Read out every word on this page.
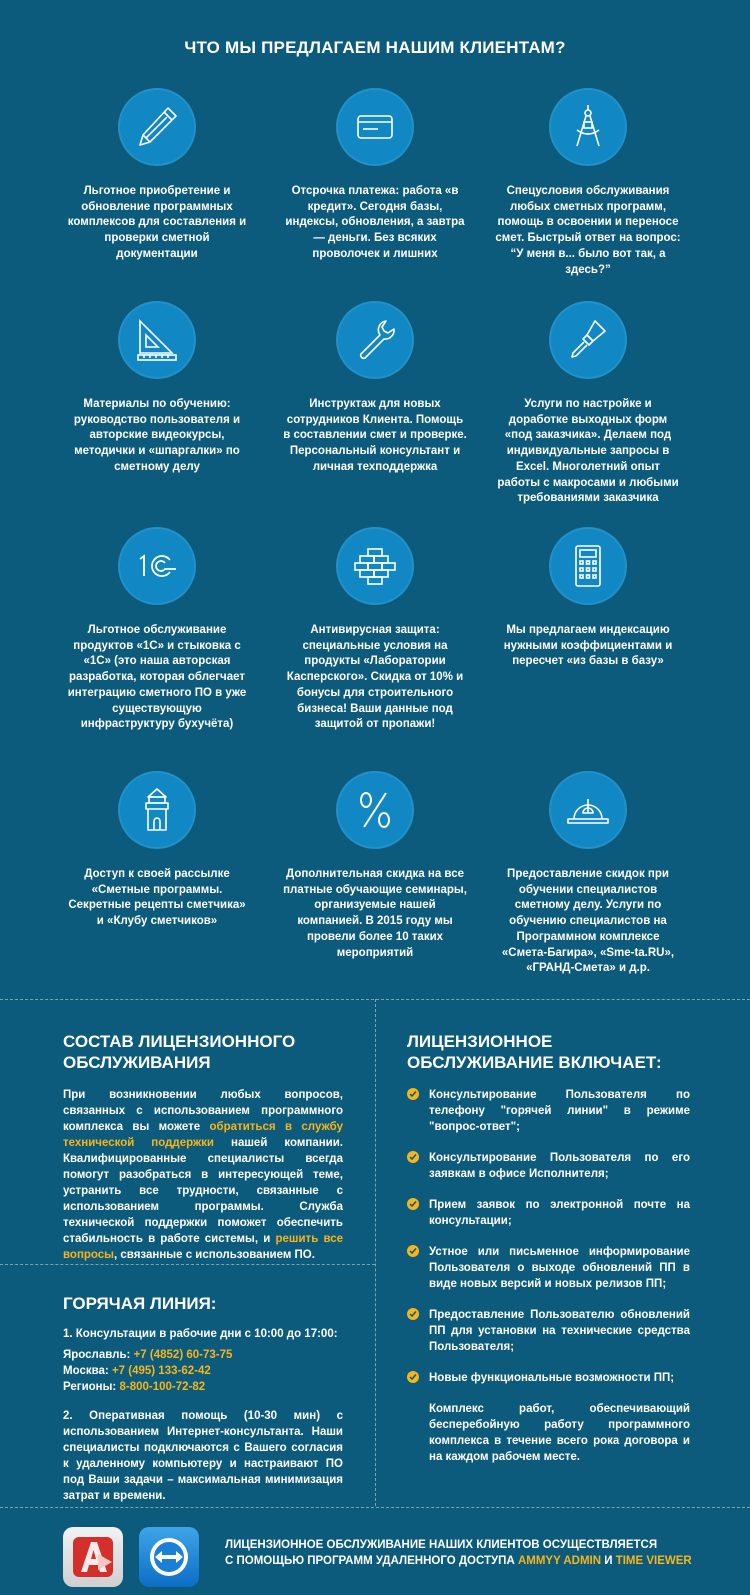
ЧТО МЫ ПРЕДЛАГАЕМ НАШИМ КЛИЕНТАМ?
Льготное приобретение и обновление программных комплексов для составления и проверки сметной документации
Отсрочка платежа: работа «в кредит». Сегодня базы, индексы, обновления, а завтра — деньги. Без всяких проволочек и лишних
Спецусловия обслуживания любых сметных программ, помощь в освоении и переносе смет. Быстрый ответ на вопрос: “У меня в... было вот так, а здесь?”
Материалы по обучению: руководство пользователя и авторские видеокурсы, методички и «шпаргалки» по сметному делу
Инструктаж для новых сотрудников Клиента. Помощь в составлении смет и проверке. Персональный консультант и личная техподдержка
Услуги по настройке и доработке выходных форм «под заказчика». Делаем под индивидуальные запросы в Excel. Многолетний опыт работы с макросами и любыми требованиями заказчика
Льготное обслуживание продуктов «1С» и стыковка с «1С» (это наша авторская разработка, которая облегчает интеграцию сметного ПО в уже существующую инфраструктуру бухучёта)
Антивирусная защита: специальные условия на продукты «Лаборатории Касперского». Скидка от 10% и бонусы для строительного бизнеса! Ваши данные под защитой от пропажи!
Мы предлагаем индексацию нужными коэффициентами и пересчет «из базы в базу»
Доступ к своей рассылке «Сметные программы. Секретные рецепты сметчика» и «Клубу сметчиков»
Дополнительная скидка на все платные обучающие семинары, организуемые нашей компанией. В 2015 году мы провели более 10 таких мероприятий
Предоставление скидок при обучении специалистов сметному делу. Услуги по обучению специалистов на Программном комплексе «Смета-Багира», «Sme-ta.RU», «ГРАНД-Смета» и д.р.
СОСТАВ ЛИЦЕНЗИОННОГО ОБСЛУЖИВАНИЯ
При возникновении любых вопросов, связанных с использованием программного комплекса вы можете обратиться в службу технической поддержки нашей компании. Квалифицированные специалисты всегда помогут разобраться в интересующей теме, устранить все трудности, связанные с использованием программы. Служба технической поддержки поможет обеспечить стабильность в работе системы, и решить все вопросы, связанные с использованием ПО.
ГОРЯЧАЯ ЛИНИЯ:
1. Консультации в рабочие дни с 10:00 до 17:00:
Ярославль: +7 (4852) 60-73-75
Москва: +7 (495) 133-62-42
Регионы: 8-800-100-72-82
2. Оперативная помощь (10-30 мин) с использованием Интернет-консультанта. Наши специалисты подключаются с Вашего согласия к удаленному компьютеру и настраивают ПО под Ваши задачи – максимальная минимизация затрат и времени.
ЛИЦЕНЗИОННОЕ ОБСЛУЖИВАНИЕ ВКЛЮЧАЕТ:
Консультирование Пользователя по телефону "горячей линии" в режиме "вопрос-ответ";
Консультирование Пользователя по его заявкам в офисе Исполнителя;
Прием заявок по электронной почте на консультации;
Устное или письменное информирование Пользователя о выходе обновлений ПП в виде новых версий и новых релизов ПП;
Предоставление Пользователю обновлений ПП для установки на технические средства Пользователя;
Новые функциональные возможности ПП;
Комплекс работ, обеспечивающий бесперебойную работу программного комплекса в течение всего рока договора и на каждом рабочем месте.
ЛИЦЕНЗИОННОЕ ОБСЛУЖИВАНИЕ НАШИХ КЛИЕНТОВ ОСУЩЕСТВЛЯЕТСЯ
С ПОМОЩЬЮ ПРОГРАММ УДАЛЕННОГО ДОСТУПА AMMYY ADMIN И TIME VIEWER
